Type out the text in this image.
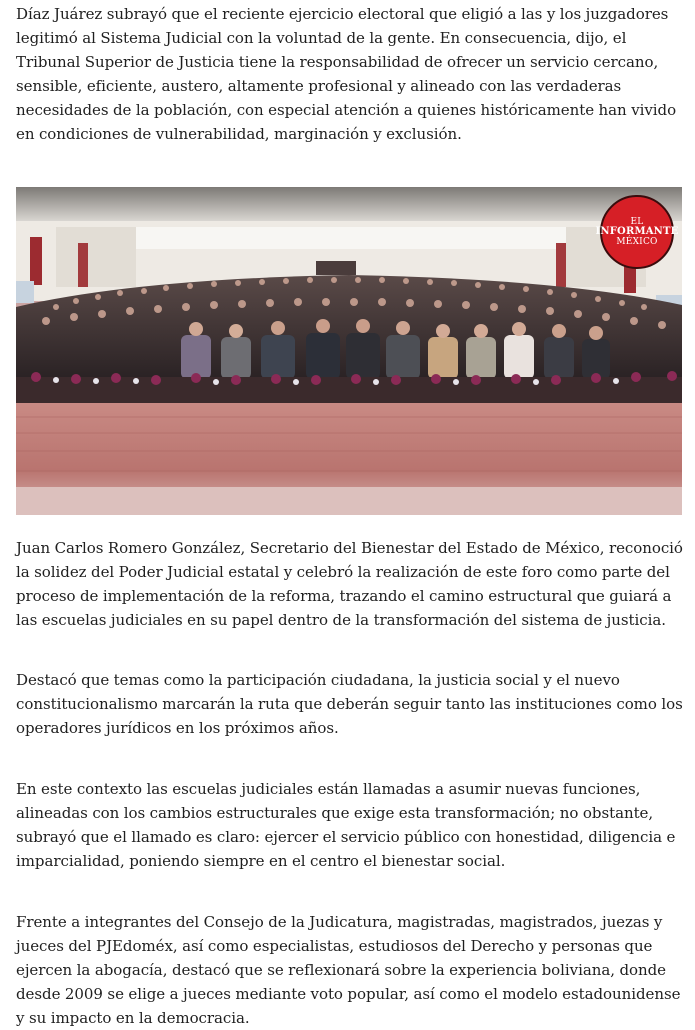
Díaz Juárez subrayó que el reciente ejercicio electoral que eligió a las y los juzgadores legitimó al Sistema Judicial con la voluntad de la gente. En consecuencia, dijo, el Tribunal Superior de Justicia tiene la responsabilidad de ofrecer un servicio cercano, sensible, eficiente, austero, altamente profesional y alineado con las verdaderas necesidades de la población, con especial atención a quienes históricamente han vivido en condiciones de vulnerabilidad, marginación y exclusión.

Juan Carlos Romero González, Secretario del Bienestar del Estado de México, reconoció la solidez del Poder Judicial estatal y celebró la realización de este foro como parte del proceso de implementación de la reforma, trazando el camino estructural que guiará a las escuelas judiciales en su papel dentro de la transformación del sistema de justicia.

Destacó que temas como la participación ciudadana, la justicia social y el nuevo constitucionalismo marcarán la ruta que deberán seguir tanto las instituciones como los operadores jurídicos en los próximos años.

En este contexto las escuelas judiciales están llamadas a asumir nuevas funciones, alineadas con los cambios estructurales que exige esta transformación; no obstante, subrayó que el llamado es claro: ejercer el servicio público con honestidad, diligencia e imparcialidad, poniendo siempre en el centro el bienestar social.

Frente a integrantes del Consejo de la Judicatura, magistradas, magistrados, juezas y jueces del PJEdoméx, así como especialistas, estudiosos del Derecho y personas que ejercen la abogacía, destacó que se reflexionará sobre la experiencia boliviana, donde desde 2009 se elige a jueces mediante voto popular, así como el modelo estadounidense y su impacto en la democracia.

EL
INFORMANTE
MÉXICO
